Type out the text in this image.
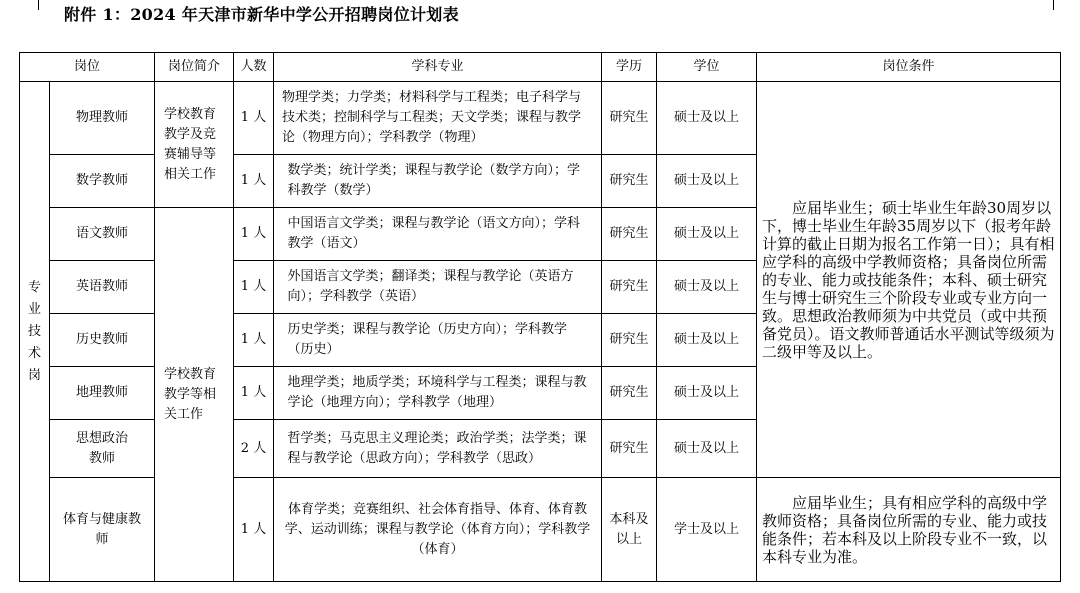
附件 1：2024 年天津市新华中学公开招聘岗位计划表
岗位		岗位简介	人数	学科专业	学历	学位	岗位条件

专业技术岗	物理教师	学校教育教学及竞赛辅导等相关工作	1 人	物理学类；力学类；材料科学与工程类；电子科学与技术类；控制科学与工程类；天文学类；课程与教学论（物理方向）；学科教学（物理）	研究生	硕士及以上	应届毕业生；硕士毕业生年龄30周岁以下，博士毕业生年龄35周岁以下（报考年龄计算的截止日期为报名工作第一日）；具有相应学科的高级中学教师资格；具备岗位所需的专业、能力或技能条件；本科、硕士研究生与博士研究生三个阶段专业或专业方向一致。思想政治教师须为中共党员（或中共预备党员）。语文教师普通话水平测试等级须为二级甲等及以上。
	数学教师		1 人	数学类；统计学类；课程与教学论（数学方向）；学科教学（数学）	研究生	硕士及以上	
	语文教师	学校教育教学等相关工作	1 人	中国语言文学类；课程与教学论（语文方向）；学科教学（语文）	研究生	硕士及以上	
	英语教师		1 人	外国语言文学类；翻译类；课程与教学论（英语方向）；学科教学（英语）	研究生	硕士及以上	
	历史教师		1 人	历史学类；课程与教学论（历史方向）；学科教学（历史）	研究生	硕士及以上	
	地理教师		1 人	地理学类；地质学类；环境科学与工程类；课程与教学论（地理方向）；学科教学（地理）	研究生	硕士及以上	

	思想政治教师		2 人	哲学类；马克思主义理论类；政治学类；法学类；课程与教学论（思政方向）；学科教学（思政）	研究生	硕士及以上	

	体育与健康教师		1 人	体育学类；竞赛组织、社会体育指导、体育、体育教学、运动训练；课程与教学论（体育方向）；学科教学（体育）	本科及以上	学士及以上	应届毕业生；具有相应学科的高级中学教师资格；具备岗位所需的专业、能力或技能条件；若本科及以上阶段专业不一致，以本科专业为准。
